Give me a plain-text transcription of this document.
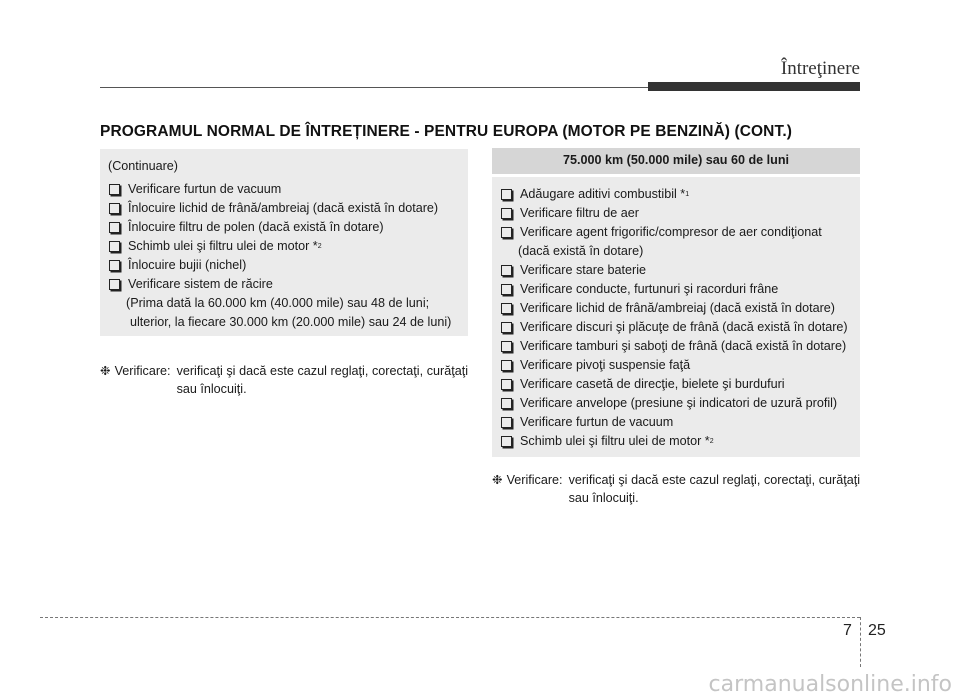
Întreţinere
PROGRAMUL NORMAL DE ÎNTREȚINERE - PENTRU EUROPA (MOTOR PE BENZINĂ) (CONT.)
(Continuare)
Verificare furtun de vacuum
Înlocuire lichid de frână/ambreiaj (dacă există în dotare)
Înlocuire filtru de polen (dacă există în dotare)
Schimb ulei şi filtru ulei de motor * 2
Înlocuire bujii (nichel)
Verificare sistem de răcire
(Prima dată la 60.000 km (40.000 mile) sau 48 de luni;
ulterior, la fiecare 30.000 km (20.000 mile) sau 24 de luni)
❉ Verificare: verificaţi şi dacă este cazul reglaţi, corectaţi, curăţaţi sau înlocuiţi.
75.000 km (50.000 mile) sau 60 de luni
Adăugare aditivi combustibil * 1
Verificare filtru de aer
Verificare agent frigorific/compresor de aer condiţionat
(dacă există în dotare)
Verificare stare baterie
Verificare conducte, furtunuri şi racorduri frâne
Verificare lichid de frână/ambreiaj (dacă există în dotare)
Verificare discuri şi plăcuţe de frână (dacă există în dotare)
Verificare tamburi şi saboţi de frână (dacă există în dotare)
Verificare pivoţi suspensie faţă
Verificare casetă de direcţie, bielete şi burdufuri
Verificare anvelope (presiune şi indicatori de uzură profil)
Verificare furtun de vacuum
Schimb ulei şi filtru ulei de motor * 2
❉ Verificare: verificaţi şi dacă este cazul reglaţi, corectaţi, curăţaţi sau înlocuiţi.
7 25
carmanualsonline.info
